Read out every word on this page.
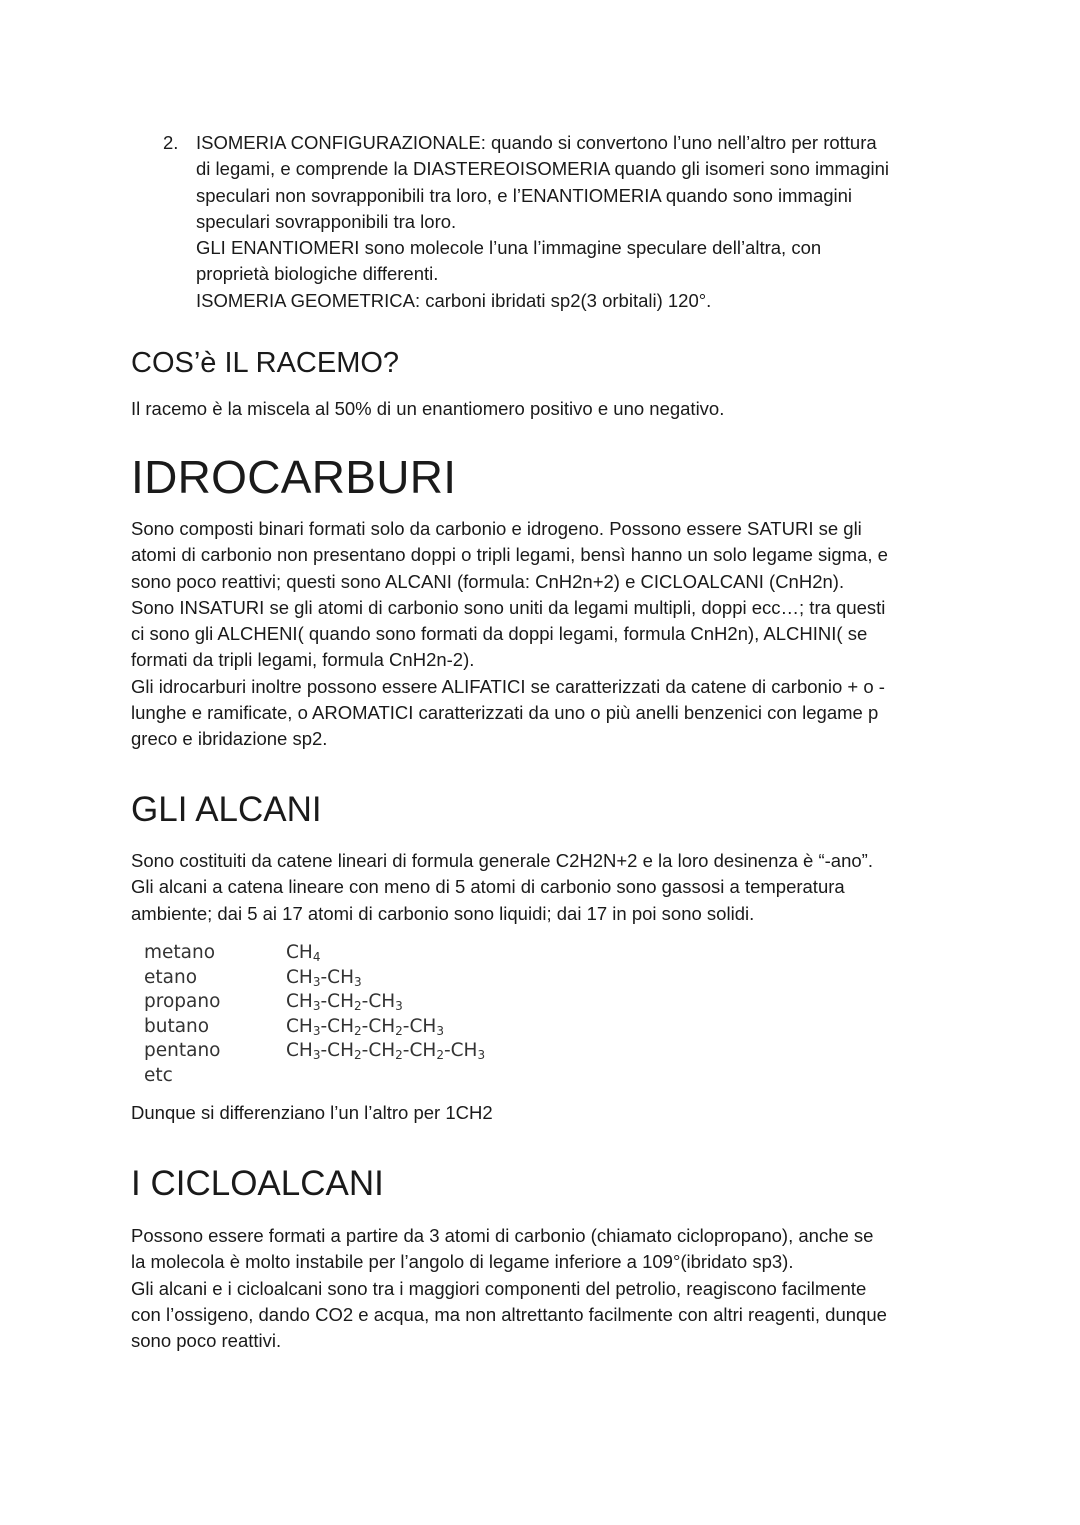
2. ISOMERIA CONFIGURAZIONALE: quando si convertono l’uno nell’altro per rottura

di legami, e comprende la DIASTEREOISOMERIA quando gli isomeri sono immagini

speculari non sovrapponibili tra loro, e l’ENANTIOMERIA quando sono immagini

speculari sovrapponibili tra loro.

GLI ENANTIOMERI sono molecole l’una l’immagine speculare dell’altra, con

proprietà biologiche differenti.

ISOMERIA GEOMETRICA: carboni ibridati sp2(3 orbitali) 120°.

COS’è IL RACEMO?

Il racemo è la miscela al 50% di un enantiomero positivo e uno negativo.

IDROCARBURI

Sono composti binari formati solo da carbonio e idrogeno. Possono essere SATURI se gli

atomi di carbonio non presentano doppi o tripli legami, bensì hanno un solo legame sigma, e

sono poco reattivi; questi sono ALCANI (formula: CnH2n+2) e CICLOALCANI (CnH2n).

Sono INSATURI se gli atomi di carbonio sono uniti da legami multipli, doppi ecc…; tra questi

ci sono gli ALCHENI( quando sono formati da doppi legami, formula CnH2n), ALCHINI( se

formati da tripli legami, formula CnH2n-2).

Gli idrocarburi inoltre possono essere ALIFATICI se caratterizzati da catene di carbonio + o -

lunghe e ramificate, o AROMATICI caratterizzati da uno o più anelli benzenici con legame p

greco e ibridazione sp2.

GLI ALCANI

Sono costituiti da catene lineari di formula generale C2H2N+2 e la loro desinenza è “-ano”.

Gli alcani a catena lineare con meno di 5 atomi di carbonio sono gassosi a temperatura

ambiente; dai 5 ai 17 atomi di carbonio sono liquidi; dai 17 in poi sono solidi.

metano	$CH_4$
etano	$CH_3-CH_3$
propano	$CH_3-CH_2-CH_3$
butano	$CH_3-CH_2-CH_2-CH_3$
pentano	$CH_3-CH_2-CH_2-CH_2-CH_3$
etc

Dunque si differenziano l’un l’altro per 1CH2

I CICLOALCANI

Possono essere formati a partire da 3 atomi di carbonio (chiamato ciclopropano), anche se

la molecola è molto instabile per l’angolo di legame inferiore a 109°(ibridato sp3).

Gli alcani e i cicloalcani sono tra i maggiori componenti del petrolio, reagiscono facilmente

con l’ossigeno, dando CO2 e acqua, ma non altrettanto facilmente con altri reagenti, dunque

sono poco reattivi.
